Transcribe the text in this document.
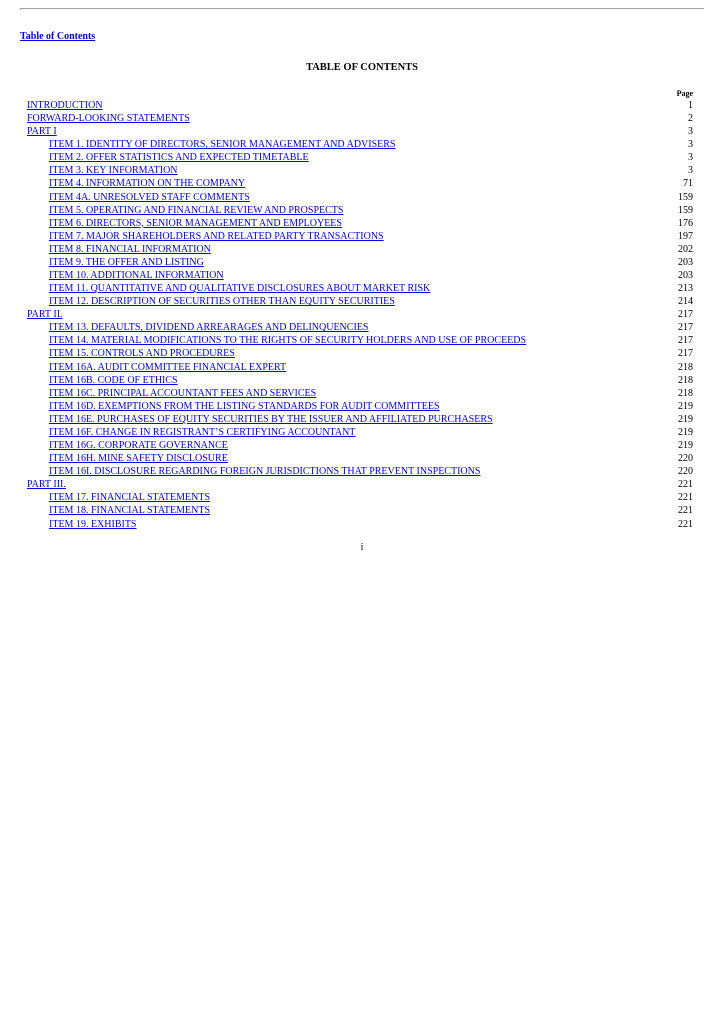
Table of Contents
TABLE OF CONTENTS
Page
INTRODUCTION	1
FORWARD-LOOKING STATEMENTS	2
PART I	3
ITEM 1. IDENTITY OF DIRECTORS, SENIOR MANAGEMENT AND ADVISERS	3
ITEM 2. OFFER STATISTICS AND EXPECTED TIMETABLE	3
ITEM 3. KEY INFORMATION	3
ITEM 4. INFORMATION ON THE COMPANY	71
ITEM 4A. UNRESOLVED STAFF COMMENTS	159
ITEM 5. OPERATING AND FINANCIAL REVIEW AND PROSPECTS	159
ITEM 6. DIRECTORS, SENIOR MANAGEMENT AND EMPLOYEES	176
ITEM 7. MAJOR SHAREHOLDERS AND RELATED PARTY TRANSACTIONS	197
ITEM 8. FINANCIAL INFORMATION	202
ITEM 9. THE OFFER AND LISTING	203
ITEM 10. ADDITIONAL INFORMATION	203
ITEM 11. QUANTITATIVE AND QUALITATIVE DISCLOSURES ABOUT MARKET RISK	213
ITEM 12. DESCRIPTION OF SECURITIES OTHER THAN EQUITY SECURITIES	214
PART II.	217
ITEM 13. DEFAULTS, DIVIDEND ARREARAGES AND DELINQUENCIES	217
ITEM 14. MATERIAL MODIFICATIONS TO THE RIGHTS OF SECURITY HOLDERS AND USE OF PROCEEDS	217
ITEM 15. CONTROLS AND PROCEDURES	217
ITEM 16A. AUDIT COMMITTEE FINANCIAL EXPERT	218
ITEM 16B. CODE OF ETHICS	218
ITEM 16C. PRINCIPAL ACCOUNTANT FEES AND SERVICES	218
ITEM 16D. EXEMPTIONS FROM THE LISTING STANDARDS FOR AUDIT COMMITTEES	219
ITEM 16E. PURCHASES OF EQUITY SECURITIES BY THE ISSUER AND AFFILIATED PURCHASERS	219
ITEM 16F. CHANGE IN REGISTRANT’S CERTIFYING ACCOUNTANT	219
ITEM 16G. CORPORATE GOVERNANCE	219
ITEM 16H. MINE SAFETY DISCLOSURE	220
ITEM 16I. DISCLOSURE REGARDING FOREIGN JURISDICTIONS THAT PREVENT INSPECTIONS	220
PART III.	221
ITEM 17. FINANCIAL STATEMENTS	221
ITEM 18. FINANCIAL STATEMENTS	221
ITEM 19. EXHIBITS	221
i
